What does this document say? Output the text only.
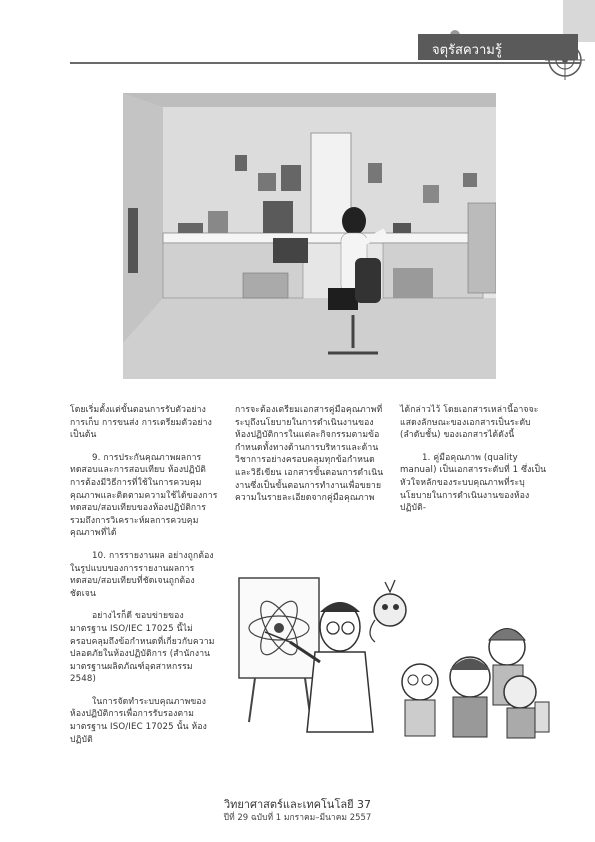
จตุรัสความรู้

โดยเริ่มตั้งแต่ขั้นตอนการรับตัวอย่าง การเก็บ การขนส่ง การเตรียมตัวอย่าง เป็นต้น

9. การประกันคุณภาพผลการทดสอบและการสอบเทียบ ห้องปฏิบัติการต้องมีวิธีการที่ใช้ในการควบคุมคุณภาพและติดตามความใช้ได้ของการทดสอบ/สอบเทียบของห้องปฏิบัติการ รวมถึงการวิเคราะห์ผลการควบคุมคุณภาพที่ได้

10. การรายงานผล อย่างถูกต้องในรูปแบบของการรายงานผลการทดสอบ/สอบเทียบที่ชัดเจนถูกต้องชัดเจน

อย่างไรก็ดี ขอบข่ายของมาตรฐาน ISO/IEC 17025 นี้ไม่ครอบคลุมถึงข้อกำหนดที่เกี่ยวกับความปลอดภัยในห้องปฏิบัติการ (สำนักงานมาตรฐานผลิตภัณฑ์อุตสาหกรรม 2548)

ในการจัดทำระบบคุณภาพของห้องปฏิบัติการเพื่อการรับรองตามมาตรฐาน ISO/IEC 17025 นั้น ห้องปฏิบัติ

การจะต้องเตรียมเอกสารคู่มือคุณภาพที่ระบุถึงนโยบายในการดำเนินงานของห้องปฏิบัติการในแต่ละกิจกรรมตามข้อกำหนดทั้งทางด้านการบริหารและด้านวิชาการอย่างครอบคลุมทุกข้อกำหนด และวิธีเขียน เอกสารขั้นตอนการดำเนินงานซึ่งเป็นขั้นตอนการทำงานเพื่อขยายความในรายละเอียดจากคู่มือคุณภาพ

ได้กล่าวไว้ โดยเอกสารเหล่านี้อาจจะแสดงลักษณะของเอกสารเป็นระดับ (ลำดับชั้น) ของเอกสารได้ดังนี้

1. คู่มือคุณภาพ (quality manual) เป็นเอกสารระดับที่ 1 ซึ่งเป็นหัวใจหลักของระบบคุณภาพที่ระบุนโยบายในการดำเนินงานของห้องปฏิบัติ-

วิทยาศาสตร์และเทคโนโลยี 37
ปีที่ 29 ฉบับที่ 1 มกราคม–มีนาคม 2557
